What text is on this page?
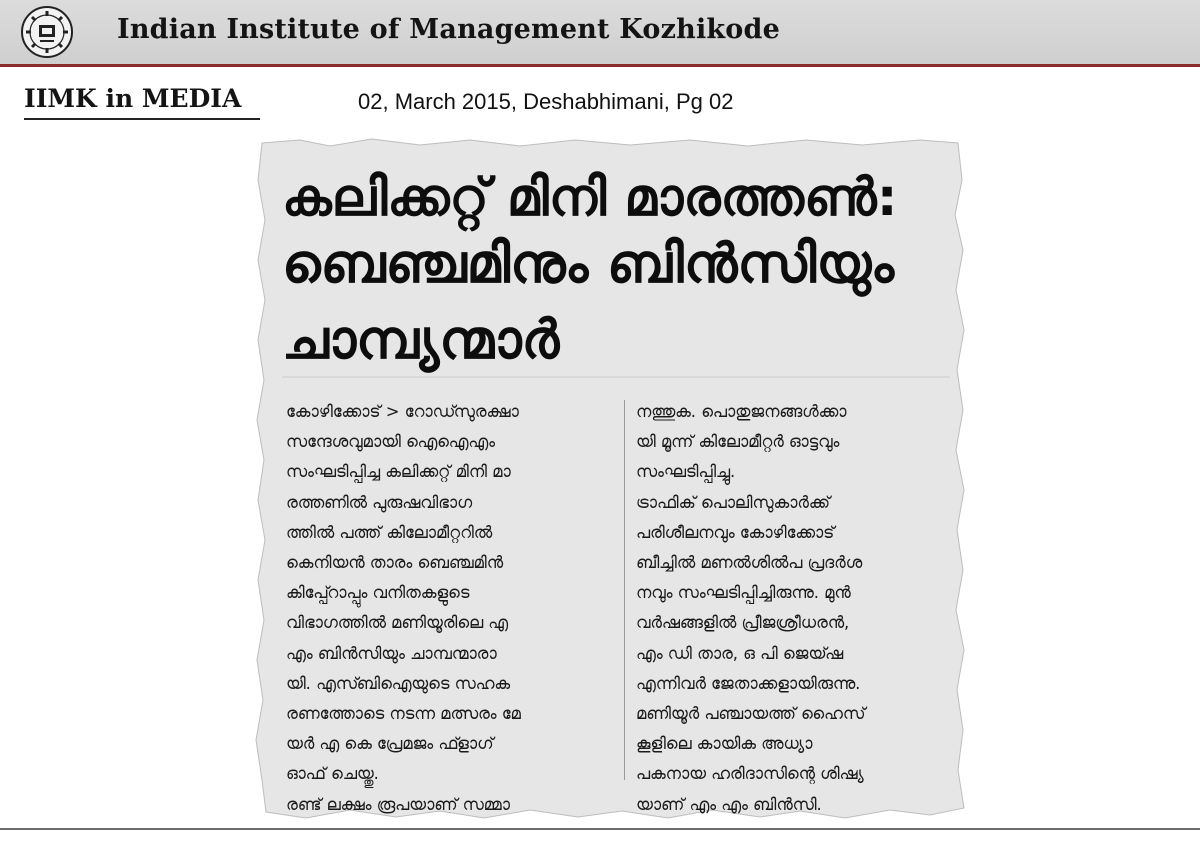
Indian Institute of Management Kozhikode
IIMK in MEDIA	02, March 2015, Deshabhimani, Pg 02
കലിക്കറ്റ് മിനി മാരത്തൺ:
ബെഞ്ചമിനും ബിൻസിയും
ചാമ്പ്യന്മാർ
കോഴിക്കോട് > റോഡ്സുരക്ഷാ
സന്ദേശവുമായി ഐഐഎം
സംഘടിപ്പിച്ച കലിക്കറ്റ് മിനി മാ
രത്തണിൽ പുരുഷവിഭാഗ
ത്തിൽ പത്ത് കിലോമീറ്ററിൽ
കെനിയൻ താരം ബെഞ്ചമിൻ
കിപ്പ്റോപ്പും വനിതകളുടെ
വിഭാഗത്തിൽ മണിയൂരിലെ എ
എം ബിൻസിയും ചാമ്പന്മാരാ
യി. എസ്ബിഐയുടെ സഹക
രണത്തോടെ നടന്ന മത്സരം മേ
യർ എ കെ പ്രേമജം ഫ്ളാഗ്
ഓഫ് ചെയ്തു.
രണ്ട് ലക്ഷം രൂപയാണ് സമ്മാ
നത്തുക. പൊതുജനങ്ങൾക്കാ
യി മൂന്ന് കിലോമീറ്റർ ഓട്ടവും
സംഘടിപ്പിച്ചു.
ട്രാഫിക് പൊലിസുകാർക്ക്
പരിശീലനവും കോഴിക്കോട്
ബീച്ചിൽ മണൽശിൽപ പ്രദർശ
നവും സംഘടിപ്പിച്ചിരുന്നു. മുൻ
വർഷങ്ങളിൽ പ്രീജശ്രീധരൻ,
എം ഡി താര, ഒ പി ജെയ്ഷ
എന്നിവർ ജേതാക്കളായിരുന്നു.
മണിയൂർ പഞ്ചായത്ത് ഹൈസ്
കൂളിലെ കായിക അധ്യാ
പകനായ ഹരിദാസിന്റെ ശിഷ്യ
യാണ് എം എം ബിൻസി.
